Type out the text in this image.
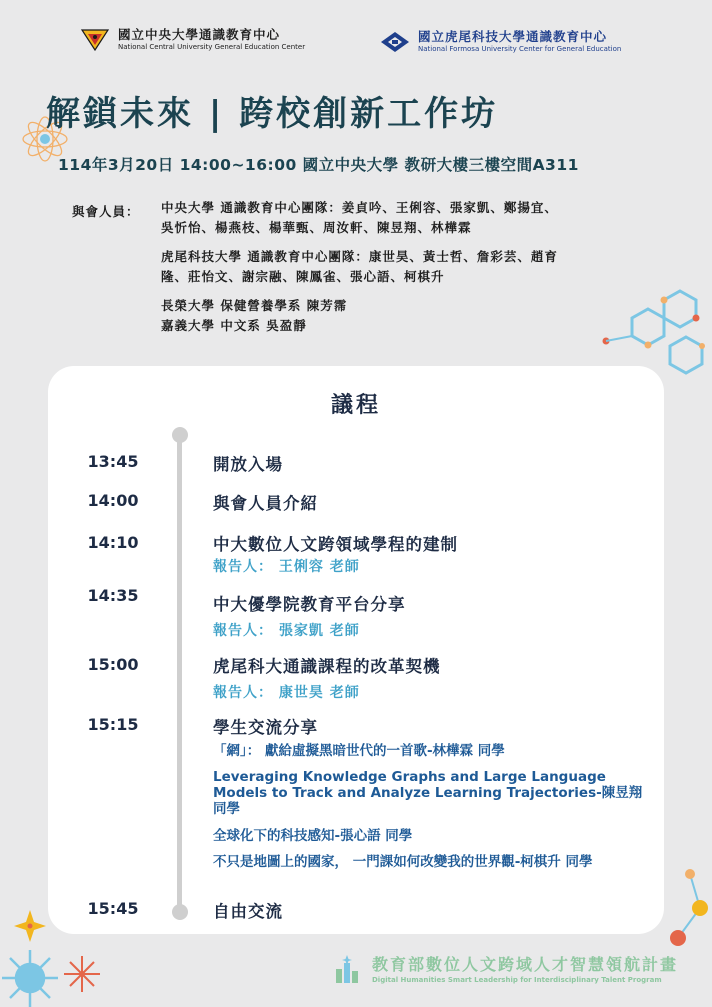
國立中央大學通識教育中心
National Central University General Education Center
國立虎尾科技大學通識教育中心
National Formosa University Center for General Education
解鎖未來 | 跨校創新工作坊
114年3月20日 14:00~16:00 國立中央大學 教研大樓三樓空間A311
與會人員： 中央大學 通識教育中心團隊：姜貞吟、王俐容、張家凱、鄭揚宜、
吳忻怡、楊燕枝、楊華甄、周汝軒、陳昱翔、林樺霖
虎尾科技大學 通識教育中心團隊：康世昊、黃士哲、詹彩芸、趙育
隆、莊怡文、謝宗融、陳鳳雀、張心語、柯棋升
長榮大學 保健營養學系 陳芳霈
嘉義大學 中文系 吳盈靜
議程
13:45	開放入場
14:00	與會人員介紹
14:10	中大數位人文跨領域學程的建制
報告人： 王俐容 老師
14:35	中大優學院教育平台分享
報告人： 張家凱 老師
15:00	虎尾科大通識課程的改革契機
報告人： 康世昊 老師
15:15	學生交流分享
「網」： 獻給虛擬黑暗世代的一首歌-林樺霖 同學
Leveraging Knowledge Graphs and Large Language Models to Track and Analyze Learning Trajectories-陳昱翔 同學
全球化下的科技感知-張心語 同學
不只是地圖上的國家， 一門課如何改變我的世界觀-柯棋升 同學
15:45	自由交流
教育部數位人文跨域人才智慧領航計畫
Digital Humanities Smart Leadership for Interdisciplinary Talent Program
